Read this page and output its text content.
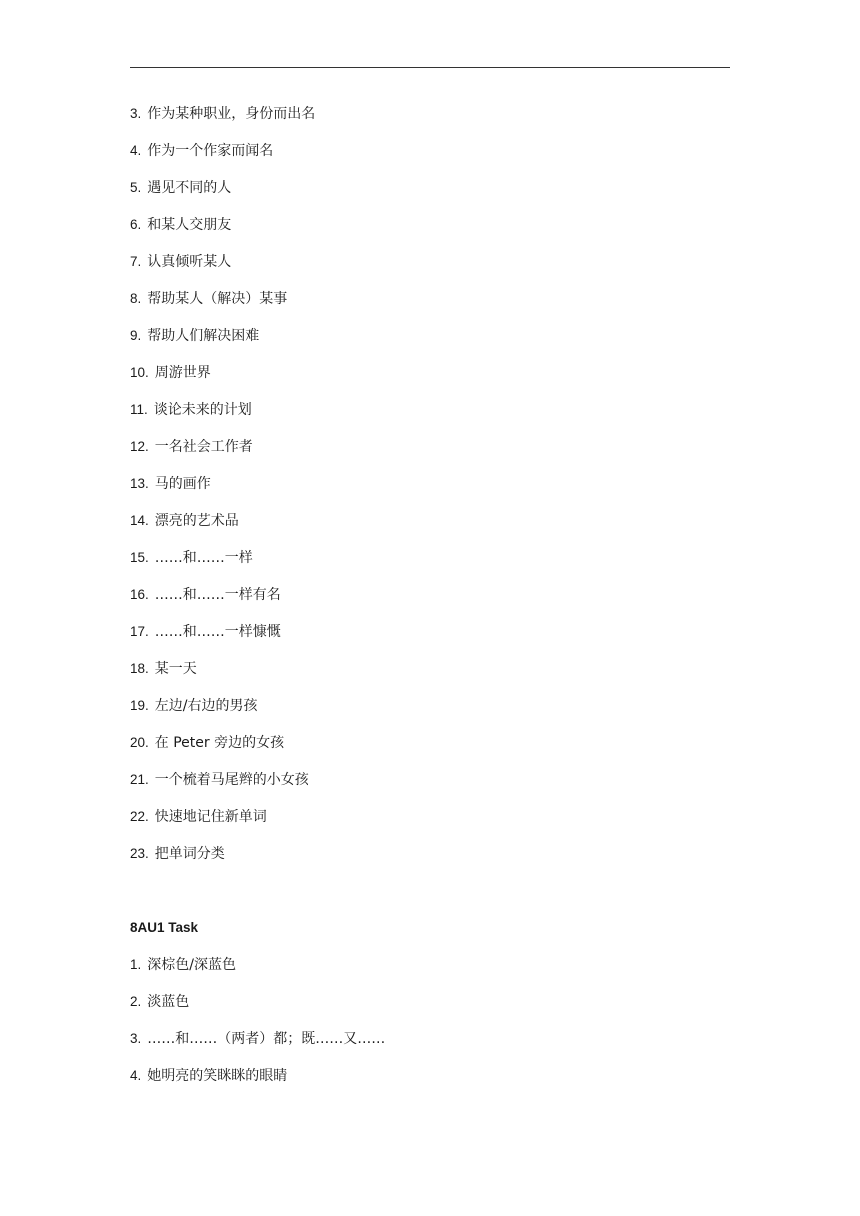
3. 作为某种职业，身份而出名
4. 作为一个作家而闻名
5. 遇见不同的人
6. 和某人交朋友
7. 认真倾听某人
8. 帮助某人（解决）某事
9. 帮助人们解决困难
10. 周游世界
11. 谈论未来的计划
12. 一名社会工作者
13. 马的画作
14. 漂亮的艺术品
15. ……和……一样
16. ……和……一样有名
17. ……和……一样慷慨
18. 某一天
19. 左边/右边的男孩
20. 在 Peter 旁边的女孩
21. 一个梳着马尾辫的小女孩
22. 快速地记住新单词
23. 把单词分类
8AU1 Task
1. 深棕色/深蓝色
2. 淡蓝色
3. ……和……（两者）都；既……又……
4. 她明亮的笑眯眯的眼睛
